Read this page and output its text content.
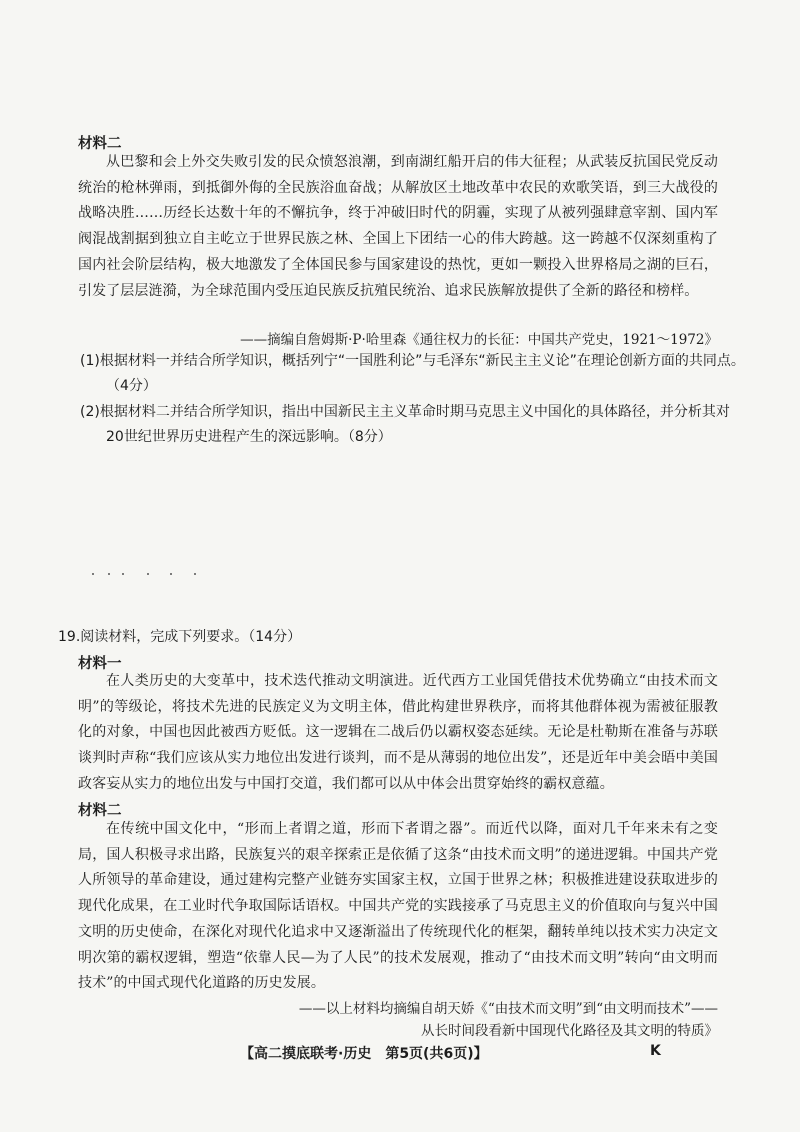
材料二

从巴黎和会上外交失败引发的民众愤怒浪潮，到南湖红船开启的伟大征程；从武装反抗国民党反动统治的枪林弹雨，到抵御外侮的全民族浴血奋战；从解放区土地改革中农民的欢歌笑语，到三大战役的战略决胜……历经长达数十年的不懈抗争，终于冲破旧时代的阴霾，实现了从被列强肆意宰割、国内军阀混战割据到独立自主屹立于世界民族之林、全国上下团结一心的伟大跨越。这一跨越不仅深刻重构了国内社会阶层结构，极大地激发了全体国民参与国家建设的热忱，更如一颗投入世界格局之湖的巨石，引发了层层涟漪，为全球范围内受压迫民族反抗殖民统治、追求民族解放提供了全新的路径和榜样。

——摘编自詹姆斯·P·哈里森《通往权力的长征：中国共产党史，1921～1972》

(1)根据材料一并结合所学知识，概括列宁“一国胜利论”与毛泽东“新民主主义论”在理论创新方面的共同点。（4分）

(2)根据材料二并结合所学知识，指出中国新民主主义革命时期马克思主义中国化的具体路径，并分析其对20世纪世界历史进程产生的深远影响。（8分）

19.阅读材料，完成下列要求。（14分）
材料一

在人类历史的大变革中，技术迭代推动文明演进。近代西方工业国凭借技术优势确立“由技术而文明”的等级论，将技术先进的民族定义为文明主体，借此构建世界秩序，而将其他群体视为需被征服教化的对象，中国也因此被西方贬低。这一逻辑在二战后仍以霸权姿态延续。无论是杜勒斯在准备与苏联谈判时声称“我们应该从实力地位出发进行谈判，而不是从薄弱的地位出发”，还是近年中美会晤中美国政客妄从实力的地位出发与中国打交道，我们都可以从中体会出贯穿始终的霸权意蕴。

材料二

在传统中国文化中，“形而上者谓之道，形而下者谓之器”。而近代以降，面对几千年来未有之变局，国人积极寻求出路，民族复兴的艰辛探索正是依循了这条“由技术而文明”的递进逻辑。中国共产党人所领导的革命建设，通过建构完整产业链夯实国家主权，立国于世界之林；积极推进建设获取进步的现代化成果，在工业时代争取国际话语权。中国共产党的实践接承了马克思主义的价值取向与复兴中国文明的历史使命，在深化对现代化追求中又逐渐溢出了传统现代化的框架，翻转单纯以技术实力决定文明次第的霸权逻辑，塑造“依靠人民—为了人民”的技术发展观，推动了“由技术而文明”转向“由文明而技术”的中国式现代化道路的历史发展。

——以上材料均摘编自胡天娇《“由技术而文明”到“由文明而技术”——
从长时间段看新中国现代化路径及其文明的特质》
【高二摸底联考·历史　第5页(共6页)】	K
